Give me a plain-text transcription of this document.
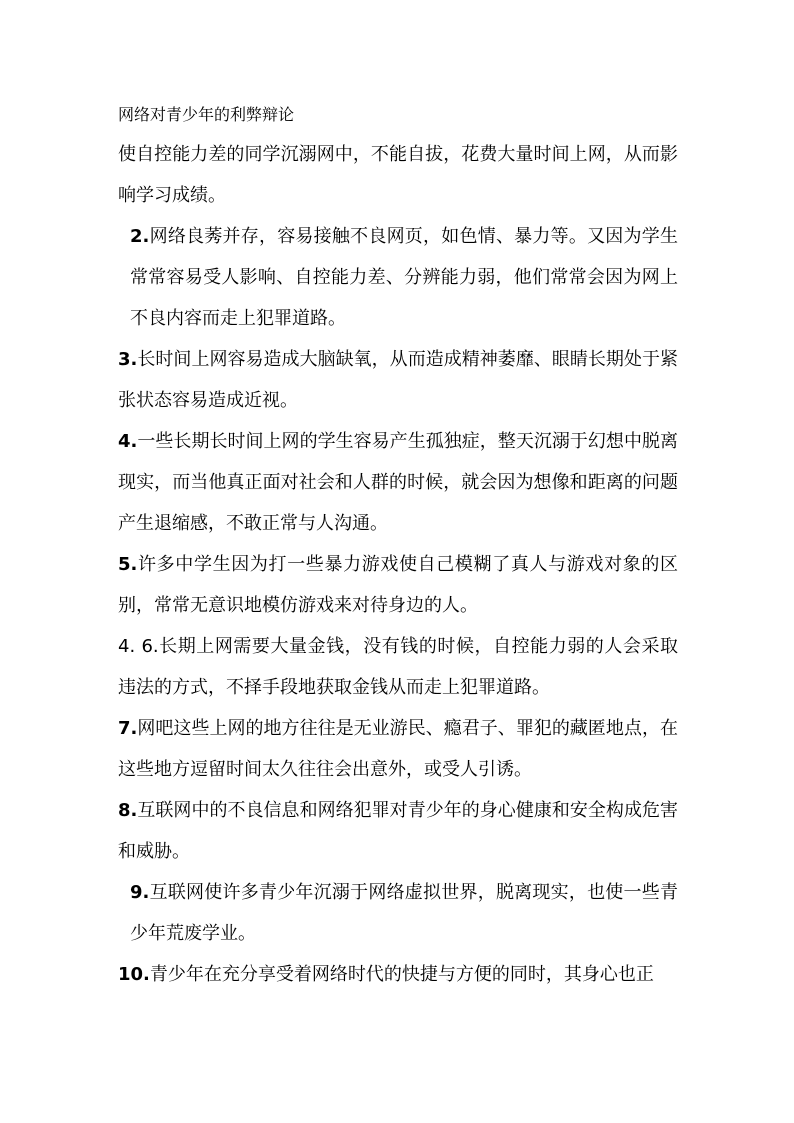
网络对青少年的利弊辩论

使自控能力差的同学沉溺网中，不能自拔，花费大量时间上网，从而影响学习成绩。

2.网络良莠并存，容易接触不良网页，如色情、暴力等。又因为学生常常容易受人影响、自控能力差、分辨能力弱，他们常常会因为网上不良内容而走上犯罪道路。

3.长时间上网容易造成大脑缺氧，从而造成精神萎靡、眼睛长期处于紧张状态容易造成近视。

4.一些长期长时间上网的学生容易产生孤独症，整天沉溺于幻想中脱离现实，而当他真正面对社会和人群的时候，就会因为想像和距离的问题产生退缩感，不敢正常与人沟通。

5.许多中学生因为打一些暴力游戏使自己模糊了真人与游戏对象的区别，常常无意识地模仿游戏来对待身边的人。

4. 6.长期上网需要大量金钱，没有钱的时候，自控能力弱的人会采取违法的方式，不择手段地获取金钱从而走上犯罪道路。

7.网吧这些上网的地方往往是无业游民、瘾君子、罪犯的藏匿地点，在这些地方逗留时间太久往往会出意外，或受人引诱。

8.互联网中的不良信息和网络犯罪对青少年的身心健康和安全构成危害和威胁。

9.互联网使许多青少年沉溺于网络虚拟世界，脱离现实，也使一些青少年荒废学业。

10.青少年在充分享受着网络时代的快捷与方便的同时，其身心也正
